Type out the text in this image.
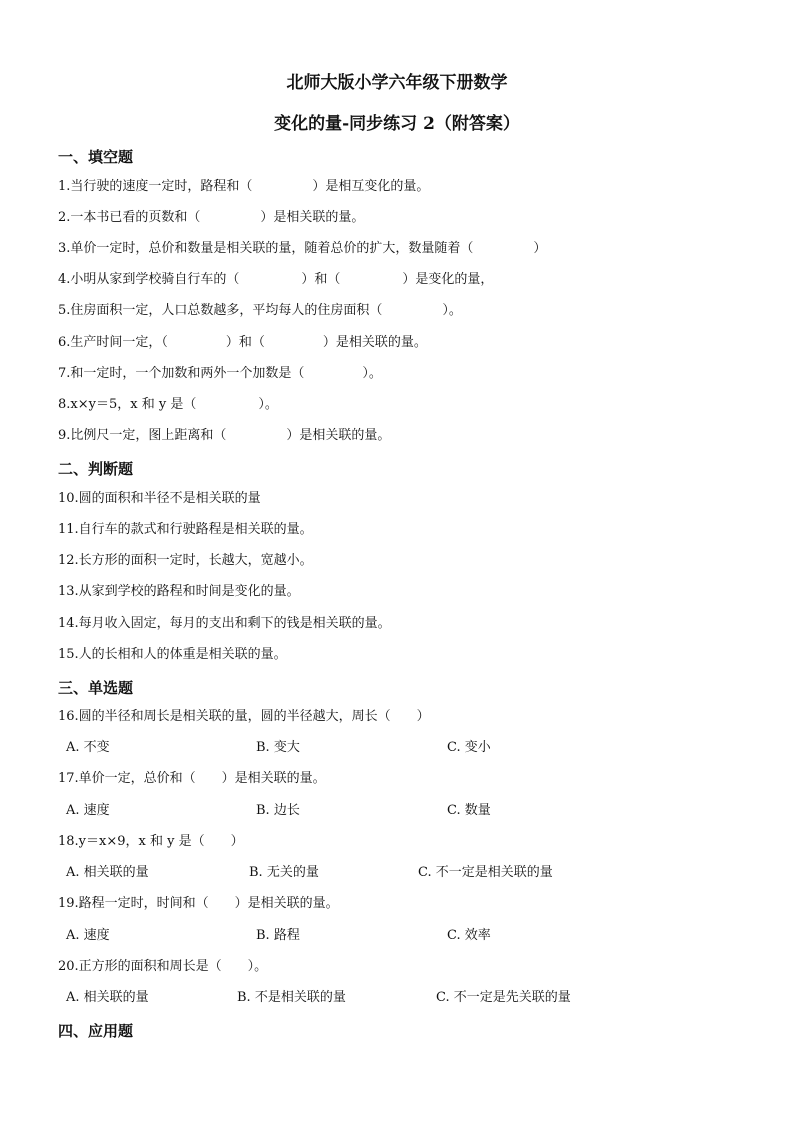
北师大版小学六年级下册数学
变化的量-同步练习 2（附答案）
一、填空题
1.当行驶的速度一定时，路程和（	）是相互变化的量。
2.一本书已看的页数和（	）是相关联的量。
3.单价一定时，总价和数量是相关联的量，随着总价的扩大，数量随着（	）
4.小明从家到学校骑自行车的（	）和（	）是变化的量，
5.住房面积一定，人口总数越多，平均每人的住房面积（	）。
6.生产时间一定，（	）和（	）是相关联的量。
7.和一定时，一个加数和两外一个加数是（	）。
8.x×y＝5，x 和 y 是（	）。
9.比例尺一定，图上距离和（	）是相关联的量。
二、判断题
10.圆的面积和半径不是相关联的量
11.自行车的款式和行驶路程是相关联的量。
12.长方形的面积一定时，长越大，宽越小。
13.从家到学校的路程和时间是变化的量。
14.每月收入固定，每月的支出和剩下的钱是相关联的量。
15.人的长相和人的体重是相关联的量。
三、单选题
16.圆的半径和周长是相关联的量，圆的半径越大，周长（　　）
A. 不变	B. 变大	C. 变小
17.单价一定，总价和（　　）是相关联的量。
A. 速度	B. 边长	C. 数量
18.y＝x×9，x 和 y 是（　　）
A. 相关联的量	B. 无关的量	C. 不一定是相关联的量
19.路程一定时，时间和（　　）是相关联的量。
A. 速度	B. 路程	C. 效率
20.正方形的面积和周长是（　　）。
A. 相关联的量	B. 不是相关联的量	C. 不一定是先关联的量
四、应用题
